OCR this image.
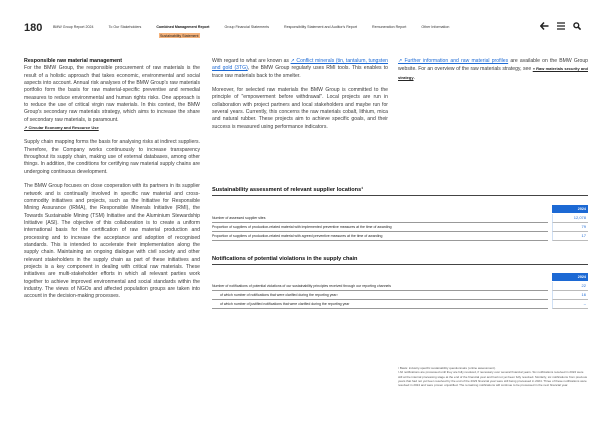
180	BMW Group Report 2024	To Our Stakeholders	Combined Management Report	Group Financial Statements	Responsibility Statement and Auditor's Report	Remuneration Report	Other Information
Sustainability Statement

Responsible raw material management
For the BMW Group, the responsible procurement of raw materials is the result of a holistic approach that takes economic, environmental and social aspects into account. Annual risk analyses of the BMW Group's raw materials portfolio form the basis for raw material-specific preventive and remedial measures to reduce environmental and human rights risks. One approach is to reduce the use of critical virgin raw materials. In this context, the BMW Group's secondary raw materials strategy, which aims to increase the share of secondary raw materials, is paramount.
↗ Circular Economy and Resource Use

Supply chain mapping forms the basis for analysing risks at indirect suppliers. Therefore, the Company works continuously to increase transparency throughout its supply chain, making use of external databases, among other things. In addition, the conditions for certifying raw material supply chains are undergoing continuous development.

The BMW Group focuses on close cooperation with its partners in its supplier network and is continually involved in specific raw material and cross-commodity initiatives and projects, such as the Initiative for Responsible Mining Assurance (IRMA), the Responsible Minerals Initiative (RMI), the Towards Sustainable Mining (TSM) Initiative and the Aluminium Stewardship Initiative (ASI). The objective of this collaboration is to create a uniform international basis for the certification of raw material production and processing and to increase the acceptance and adoption of recognised standards. This is intended to accelerate their implementation along the supply chain. Maintaining an ongoing dialogue with civil society and other relevant stakeholders in the supply chain as part of these initiatives and projects is a key component in dealing with critical raw materials. These initiatives are multi-stakeholder efforts in which all relevant parties work together to achieve improved environmental and social standards within the industry. The views of NGOs and affected population groups are taken into account in the decision-making processes.

With regard to what are known as ↗ Conflict minerals (tin, tantalum, tungsten and gold (3TG), the BMW Group regularly uses RMI tools. This enables to trace raw materials back to the smelter.

Moreover, for selected raw materials the BMW Group is committed to the principle of "empowerment before withdrawal". Local projects are run in collaboration with project partners and local stakeholders and maybe run for several years. Currently, this concerns the raw materials cobalt, lithium, mica and natural rubber. These projects aim to achieve specific goals, and their success is measured using performance indicators.

↗ Further information and raw material profiles are available on the BMW Group website. For an overview of the raw materials strategy, see » Raw materials security and strategy.

Sustainability assessment of relevant supplier locations¹
2024
Number of assessed supplier sites	12,078
Proportion of suppliers of production-related material with implemented preventive measures at the time of awarding	79
Proportion of suppliers of production-related material with agreed preventive measures at the time of awarding	17
Notifications of potential violations in the supply chain
2024
Number of notifications of potential violations of our sustainability principles received through our reporting channels	22
of which number of notifications that were clarified during the reporting year²	16
of which number of justified notifications that were clarified during the reporting year	–
¹ Basis: industry-specific sustainability questionnaire (online assessment).
² All notifications are processed until they are fully resolved, if necessary over several financial years. Six notifications received in 2024 were still at the internal processing stage at the end of the financial year and had not yet been fully resolved. Similarly, six notifications from previous years that had not yet been resolved by the end of the 2023 financial year were still being processed in 2024. Three of these notifications were resolved in 2024 and were proven unjustified. The remaining notifications will continue to be processed in the next financial year.
